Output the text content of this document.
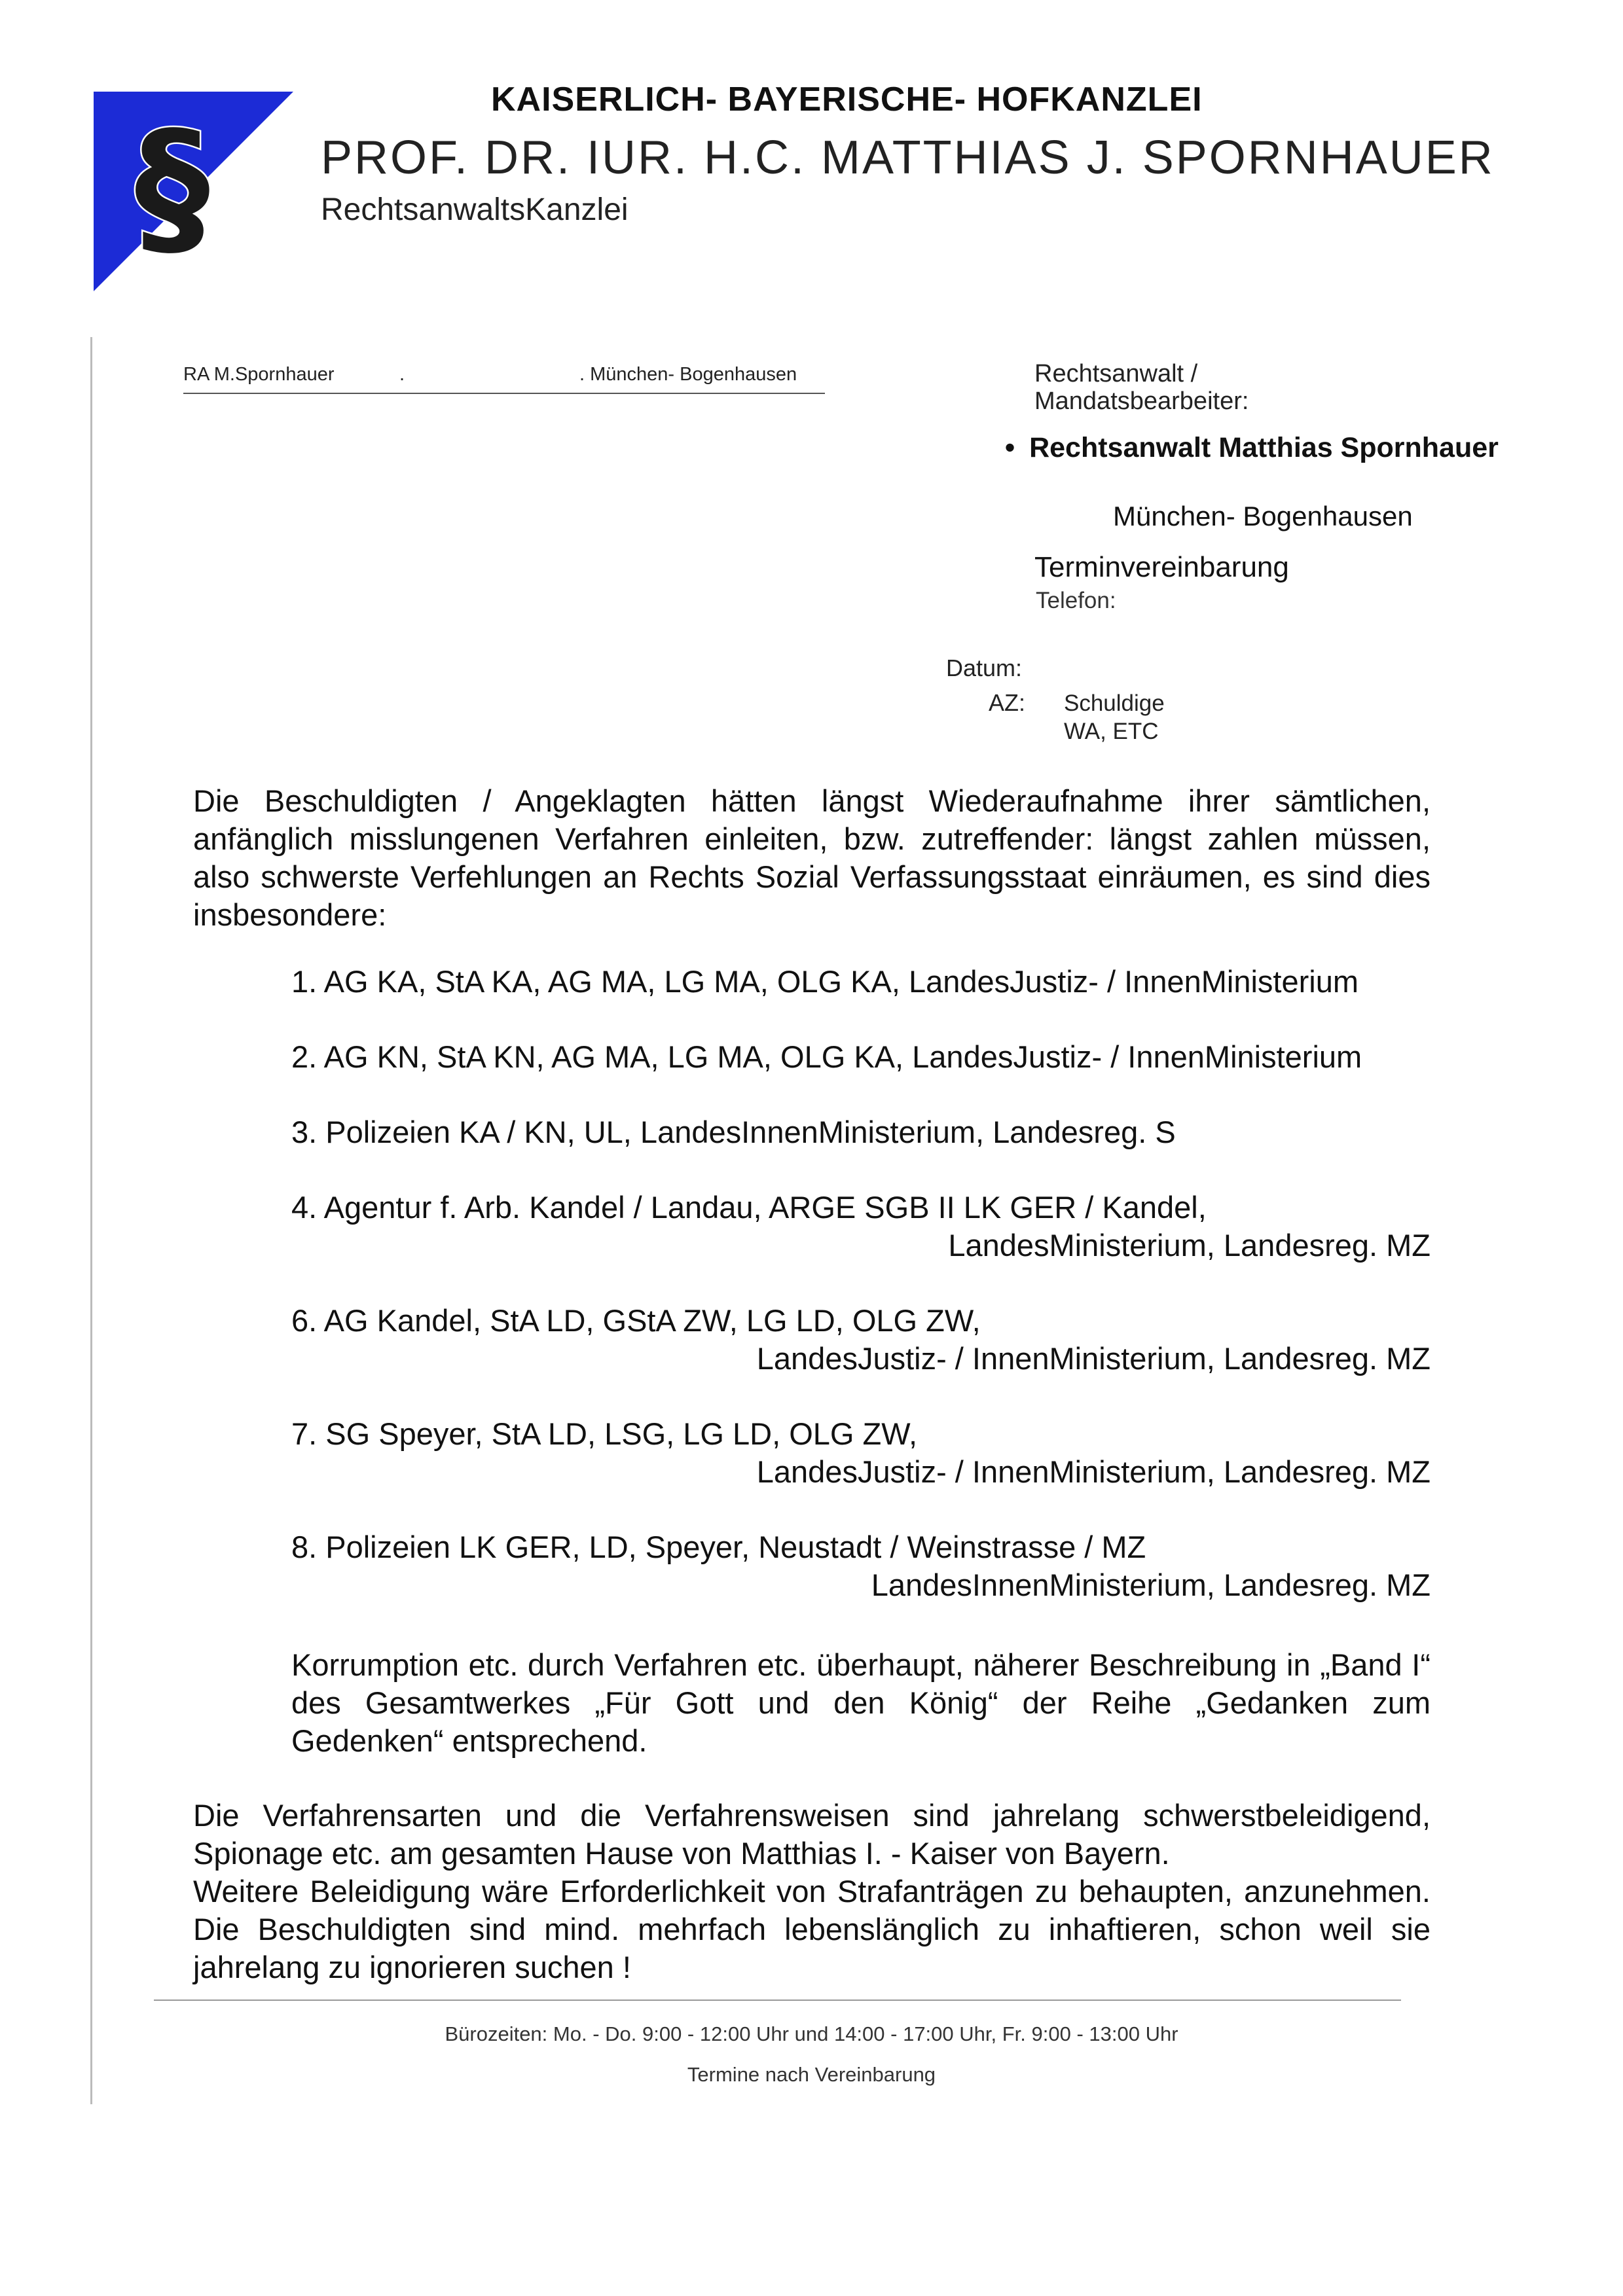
§
KAISERLICH- BAYERISCHE- HOFKANZLEI
PROF. DR. IUR. H.C. MATTHIAS J. SPORNHAUER
RechtsanwaltsKanzlei
RA M.Spornhauer	.	. München- Bogenhausen	Rechtsanwalt /
Mandatsbearbeiter:
• Rechtsanwalt Matthias Spornhauer
München- Bogenhausen
Terminvereinbarung
Telefon:
Datum:
AZ: Schuldige
WA, ETC
Die Beschuldigten / Angeklagten hätten längst Wiederaufnahme ihrer sämtlichen, anfänglich misslungenen Verfahren einleiten, bzw. zutreffender: längst zahlen müssen, also schwerste Verfehlungen an Rechts Sozial Verfassungsstaat einräumen, es sind dies insbesondere:
1. AG KA, StA KA, AG MA, LG MA, OLG KA, LandesJustiz- / InnenMinisterium
2. AG KN, StA KN, AG MA, LG MA, OLG KA, LandesJustiz- / InnenMinisterium
3. Polizeien KA / KN, UL, LandesInnenMinisterium, Landesreg. S
4. Agentur f. Arb. Kandel / Landau, ARGE SGB II LK GER / Kandel,
LandesMinisterium, Landesreg. MZ
6. AG Kandel, StA LD, GStA ZW, LG LD, OLG ZW,
LandesJustiz- / InnenMinisterium, Landesreg. MZ
7. SG Speyer, StA LD, LSG, LG LD, OLG ZW,
LandesJustiz- / InnenMinisterium, Landesreg. MZ
8. Polizeien LK GER, LD, Speyer, Neustadt / Weinstrasse / MZ
LandesInnenMinisterium, Landesreg. MZ
Korrumption etc. durch Verfahren etc. überhaupt, näherer Beschreibung in „Band I“ des Gesamtwerkes „Für Gott und den König“ der Reihe „Gedanken zum Gedenken“ entsprechend.
Die Verfahrensarten und die Verfahrensweisen sind jahrelang schwerstbeleidigend, Spionage etc. am gesamten Hause von Matthias I. - Kaiser von Bayern.
Weitere Beleidigung wäre Erforderlichkeit von Strafanträgen zu behaupten, anzunehmen. Die Beschuldigten sind mind. mehrfach lebenslänglich zu inhaftieren, schon weil sie jahrelang zu ignorieren suchen !
Bürozeiten: Mo. - Do. 9:00 - 12:00 Uhr und 14:00 - 17:00 Uhr, Fr. 9:00 - 13:00 Uhr
Termine nach Vereinbarung
